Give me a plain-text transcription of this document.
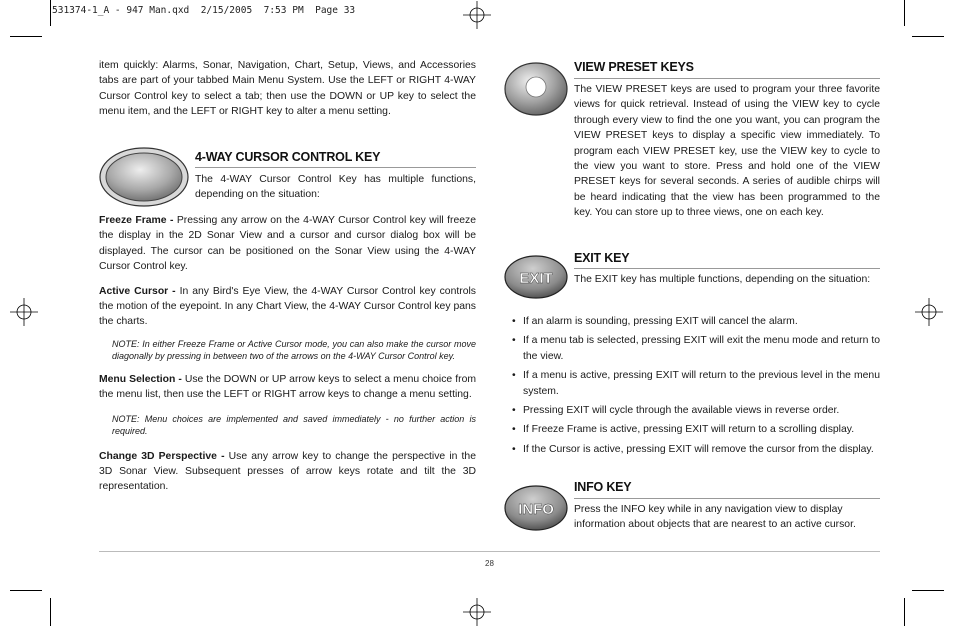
531374-1_A - 947 Man.qxd  2/15/2005  7:53 PM  Page 33

item quickly: Alarms, Sonar, Navigation, Chart, Setup, Views, and Accessories tabs are part of your tabbed Main Menu System. Use the LEFT or RIGHT 4-WAY Cursor Control key to select a tab; then use the DOWN or UP key to select the menu item, and the LEFT or RIGHT key to alter a menu setting.

4-WAY CURSOR CONTROL KEY

The 4-WAY Cursor Control Key has multiple functions, depending on the situation:

Freeze Frame - Pressing any arrow on the 4-WAY Cursor Control key will freeze the display in the 2D Sonar View and a cursor and cursor dialog box will be displayed. The cursor can be positioned on the Sonar View using the 4-WAY Cursor Control key.

Active Cursor - In any Bird's Eye View, the 4-WAY Cursor Control key controls the motion of the eyepoint. In any Chart View, the 4-WAY Cursor Control key pans the charts.

NOTE: In either Freeze Frame or Active Cursor mode, you can also make the cursor move diagonally by pressing in between two of the arrows on the 4-WAY Cursor Control key.

Menu Selection - Use the DOWN or UP arrow keys to select a menu choice from the menu list, then use the LEFT or RIGHT arrow keys to change a menu setting.

NOTE: Menu choices are implemented and saved immediately - no further action is required.

Change 3D Perspective - Use any arrow key to change the perspective in the 3D Sonar View. Subsequent presses of arrow keys rotate and tilt the 3D representation.

VIEW PRESET KEYS

The VIEW PRESET keys are used to program your three favorite views for quick retrieval. Instead of using the VIEW key to cycle through every view to find the one you want, you can program the VIEW PRESET keys to display a specific view immediately. To program each VIEW PRESET key, use the VIEW key to cycle to the view you want to store. Press and hold one of the VIEW PRESET keys for several seconds. A series of audible chirps will be heard indicating that the view has been programmed to the key. You can store up to three views, one on each key.

EXIT
EXIT KEY

The EXIT key has multiple functions, depending on the situation:

• If an alarm is sounding, pressing EXIT will cancel the alarm.
• If a menu tab is selected, pressing EXIT will exit the menu mode and return to the view.
• If a menu is active, pressing EXIT will return to the previous level in the menu system.
• Pressing EXIT will cycle through the available views in reverse order.
• If Freeze Frame is active, pressing EXIT will return to a scrolling display.
• If the Cursor is active, pressing EXIT will remove the cursor from the display.
INFO
INFO KEY

Press the INFO key while in any navigation view to display information about objects that are nearest to an active cursor.

28
